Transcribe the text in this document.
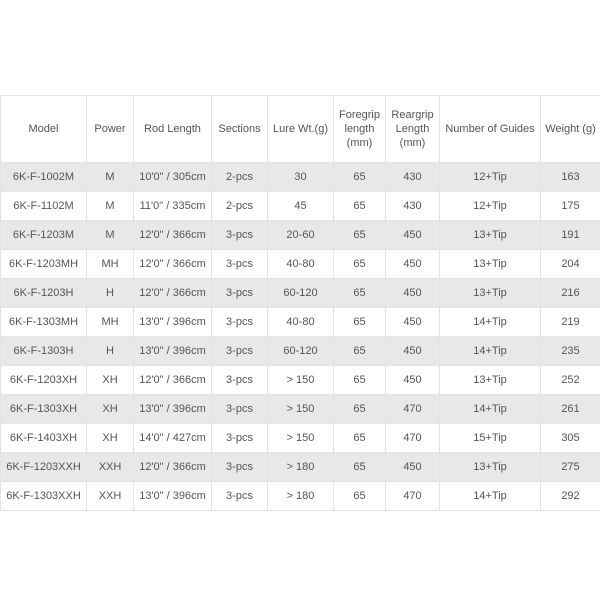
Model	Power	Rod Length	Sections	Lure Wt.(g)	Foregrip length (mm)	Reargrip Length (mm)	Number of Guides	Weight (g)
6K-F-1002M	M	10'0" / 305cm	2-pcs	30	65	430	12+Tip	163
6K-F-1102M	M	11'0" / 335cm	2-pcs	45	65	430	12+Tip	175
6K-F-1203M	M	12'0" / 366cm	3-pcs	20-60	65	450	13+Tip	191
6K-F-1203MH	MH	12'0" / 366cm	3-pcs	40-80	65	450	13+Tip	204
6K-F-1203H	H	12'0" / 366cm	3-pcs	60-120	65	450	13+Tip	216
6K-F-1303MH	MH	13'0" / 396cm	3-pcs	40-80	65	450	14+Tip	219
6K-F-1303H	H	13'0" / 396cm	3-pcs	60-120	65	450	14+Tip	235
6K-F-1203XH	XH	12'0" / 366cm	3-pcs	> 150	65	450	13+Tip	252
6K-F-1303XH	XH	13'0" / 396cm	3-pcs	> 150	65	470	14+Tip	261
6K-F-1403XH	XH	14'0" / 427cm	3-pcs	> 150	65	470	15+Tip	305
6K-F-1203XXH	XXH	12'0" / 366cm	3-pcs	> 180	65	450	13+Tip	275
6K-F-1303XXH	XXH	13'0" / 396cm	3-pcs	> 180	65	470	14+Tip	292
